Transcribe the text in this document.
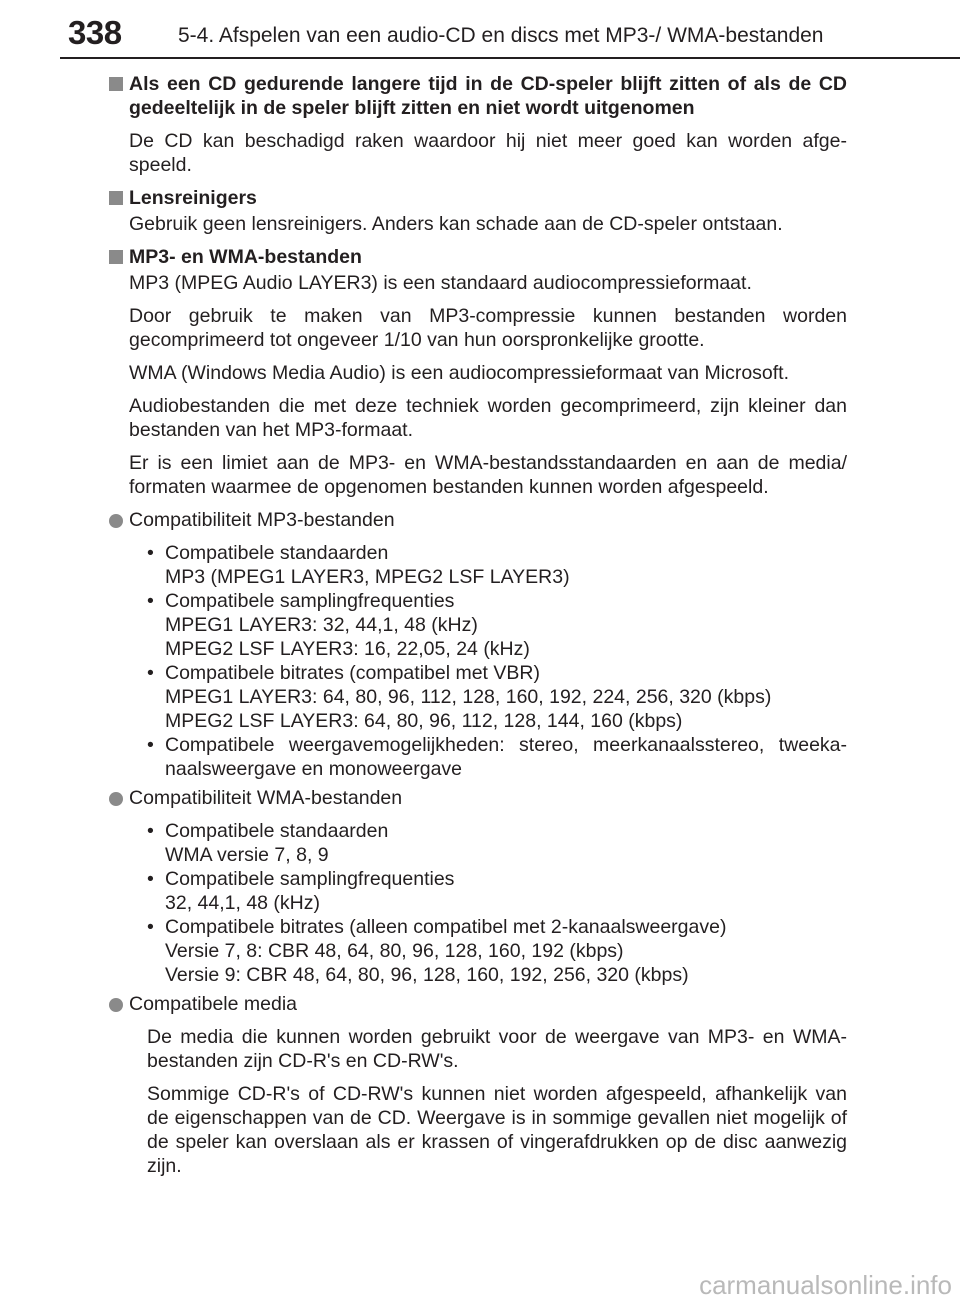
338	5-4. Afspelen van een audio-CD en discs met MP3-/ WMA-bestanden
Als een CD gedurende langere tijd in de CD-speler blijft zitten of als de CD gedeeltelijk in de speler blijft zitten en niet wordt uitgenomen
De CD kan beschadigd raken waardoor hij niet meer goed kan worden afge-speeld.
Lensreinigers
Gebruik geen lensreinigers. Anders kan schade aan de CD-speler ontstaan.
MP3- en WMA-bestanden
MP3 (MPEG Audio LAYER3) is een standaard audiocompressieformaat.
Door gebruik te maken van MP3-compressie kunnen bestanden worden gecomprimeerd tot ongeveer 1/10 van hun oorspronkelijke grootte.
WMA (Windows Media Audio) is een audiocompressieformaat van Microsoft.
Audiobestanden die met deze techniek worden gecomprimeerd, zijn kleiner dan bestanden van het MP3-formaat.
Er is een limiet aan de MP3- en WMA-bestandsstandaarden en aan de media/ formaten waarmee de opgenomen bestanden kunnen worden afgespeeld.
Compatibiliteit MP3-bestanden
• Compatibele standaarden
MP3 (MPEG1 LAYER3, MPEG2 LSF LAYER3)
• Compatibele samplingfrequenties
MPEG1 LAYER3: 32, 44,1, 48 (kHz)
MPEG2 LSF LAYER3: 16, 22,05, 24 (kHz)
• Compatibele bitrates (compatibel met VBR)
MPEG1 LAYER3: 64, 80, 96, 112, 128, 160, 192, 224, 256, 320 (kbps)
MPEG2 LSF LAYER3: 64, 80, 96, 112, 128, 144, 160 (kbps)
• Compatibele weergavemogelijkheden: stereo, meerkanaalsstereo, tweeka-naalsweergave en monoweergave
Compatibiliteit WMA-bestanden
• Compatibele standaarden
WMA versie 7, 8, 9
• Compatibele samplingfrequenties
32, 44,1, 48 (kHz)
• Compatibele bitrates (alleen compatibel met 2-kanaalsweergave)
Versie 7, 8: CBR 48, 64, 80, 96, 128, 160, 192 (kbps)
Versie 9: CBR 48, 64, 80, 96, 128, 160, 192, 256, 320 (kbps)
Compatibele media
De media die kunnen worden gebruikt voor de weergave van MP3- en WMA-bestanden zijn CD-R's en CD-RW's.
Sommige CD-R's of CD-RW's kunnen niet worden afgespeeld, afhankelijk van de eigenschappen van de CD. Weergave is in sommige gevallen niet mogelijk of de speler kan overslaan als er krassen of vingerafdrukken op de disc aanwezig zijn.
carmanualsonline.info
